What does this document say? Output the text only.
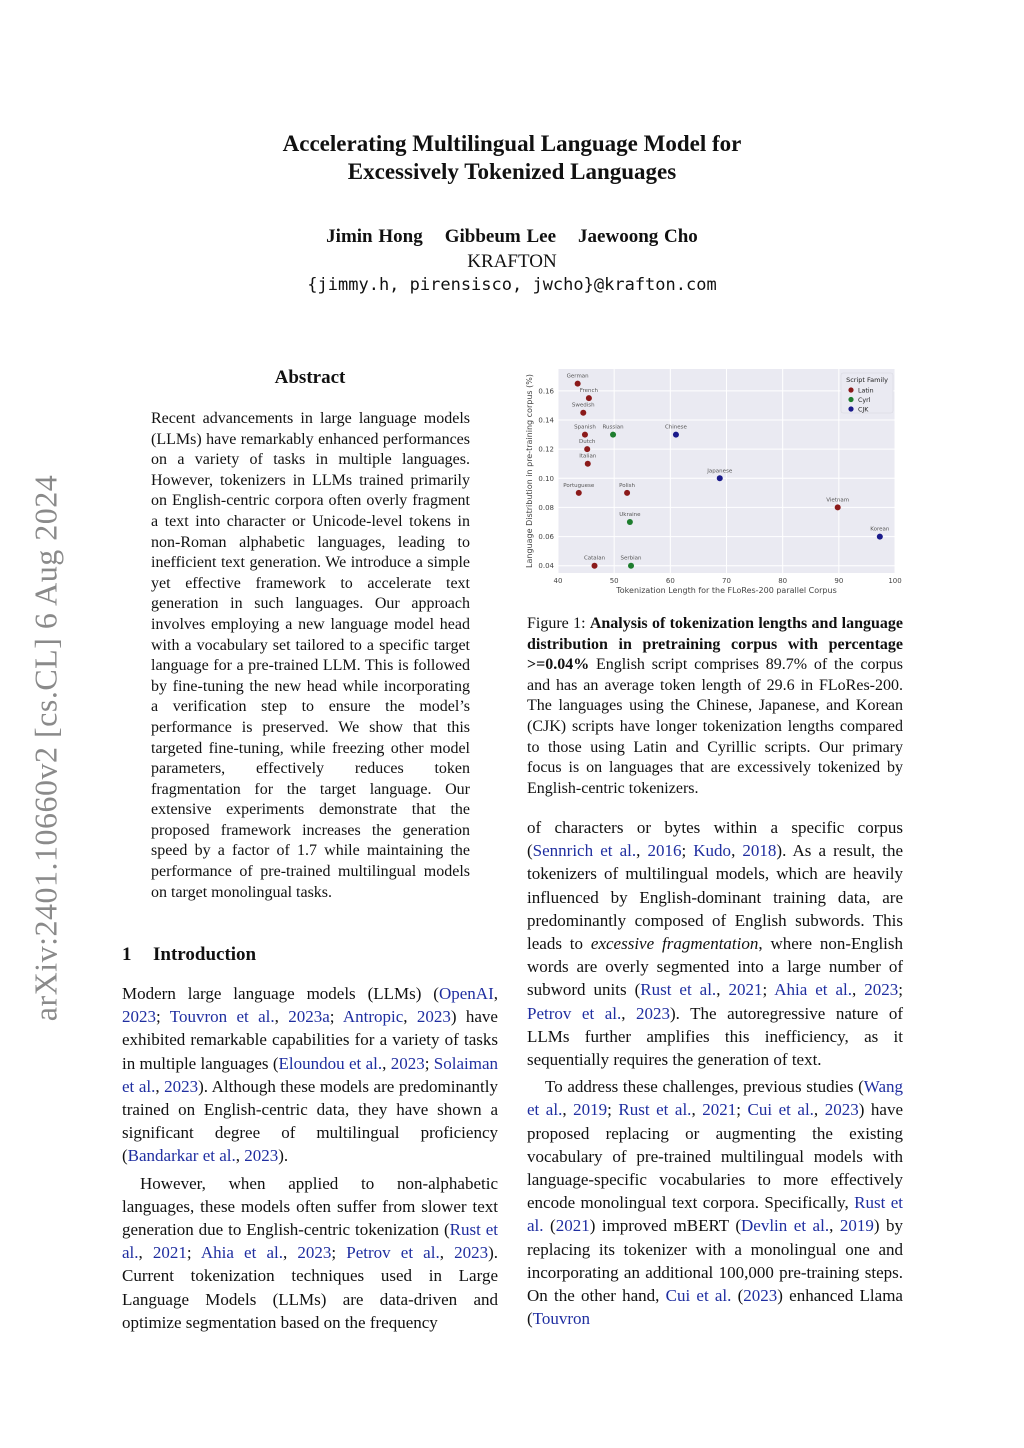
arXiv:2401.10660v2 [cs.CL] 6 Aug 2024
Accelerating Multilingual Language Model for
Excessively Tokenized Languages
Jimin Hong Gibbeum Lee Jaewoong Cho
KRAFTON
{jimmy.h, pirensisco, jwcho}@krafton.com
Abstract
Recent advancements in large language models (LLMs) have remarkably enhanced performances on a variety of tasks in multiple languages. However, tokenizers in LLMs trained primarily on English-centric corpora often overly fragment a text into character or Unicode-level tokens in non-Roman alphabetic languages, leading to inefficient text generation. We introduce a simple yet effective framework to accelerate text generation in such languages. Our approach involves employing a new language model head with a vocabulary set tailored to a specific target language for a pre-trained LLM. This is followed by fine-tuning the new head while incorporating a verification step to ensure the model’s performance is preserved. We show that this targeted fine-tuning, while freezing other model parameters, effectively reduces token fragmentation for the target language. Our extensive experiments demonstrate that the proposed framework increases the generation speed by a factor of 1.7 while maintaining the performance of pre-trained multilingual models on target monolingual tasks.
1 Introduction

Modern large language models (LLMs) (OpenAI, 2023; Touvron et al., 2023a; Antropic, 2023) have exhibited remarkable capabilities for a variety of tasks in multiple languages (Eloundou et al., 2023; Solaiman et al., 2023). Although these models are predominantly trained on English-centric data, they have shown a significant degree of multilingual proficiency (Bandarkar et al., 2023).

However, when applied to non-alphabetic languages, these models often suffer from slower text generation due to English-centric tokenization (Rust et al., 2021; Ahia et al., 2023; Petrov et al., 2023). Current tokenization techniques used in Large Language Models (LLMs) are data-driven and optimize segmentation based on the frequency

40	50	60	70	80	90	100
0.04
0.06
0.08
0.10
0.12
0.14
0.16
Tokenization Length for the FLoRes-200 parallel Corpus
Language Distribution in pre-training corpus (%)	German
French
Swedish
Spanish
Dutch
Italian
Portuguese	Polish
Catalan
Vietnam
Russian
Ukraine
Serbian
Chinese
Japanese
Korean
Script Family
Latin
Cyrl
CJK
Figure 1: Analysis of tokenization lengths and language distribution in pretraining corpus with percentage >=0.04% English script comprises 89.7% of the corpus and has an average token length of 29.6 in FLoRes-200. The languages using the Chinese, Japanese, and Korean (CJK) scripts have longer tokenization lengths compared to those using Latin and Cyrillic scripts. Our primary focus is on languages that are excessively tokenized by English-centric tokenizers.

of characters or bytes within a specific corpus (Sennrich et al., 2016; Kudo, 2018). As a result, the tokenizers of multilingual models, which are heavily influenced by English-dominant training data, are predominantly composed of English subwords. This leads to excessive fragmentation, where non-English words are overly segmented into a large number of subword units (Rust et al., 2021; Ahia et al., 2023; Petrov et al., 2023). The autoregressive nature of LLMs further amplifies this inefficiency, as it sequentially requires the generation of text.

To address these challenges, previous studies (Wang et al., 2019; Rust et al., 2021; Cui et al., 2023) have proposed replacing or augmenting the existing vocabulary of pre-trained multilingual models with language-specific vocabularies to more effectively encode monolingual text corpora. Specifically, Rust et al. (2021) improved mBERT (Devlin et al., 2019) by replacing its tokenizer with a monolingual one and incorporating an additional 100,000 pre-training steps. On the other hand, Cui et al. (2023) enhanced Llama (Touvron
